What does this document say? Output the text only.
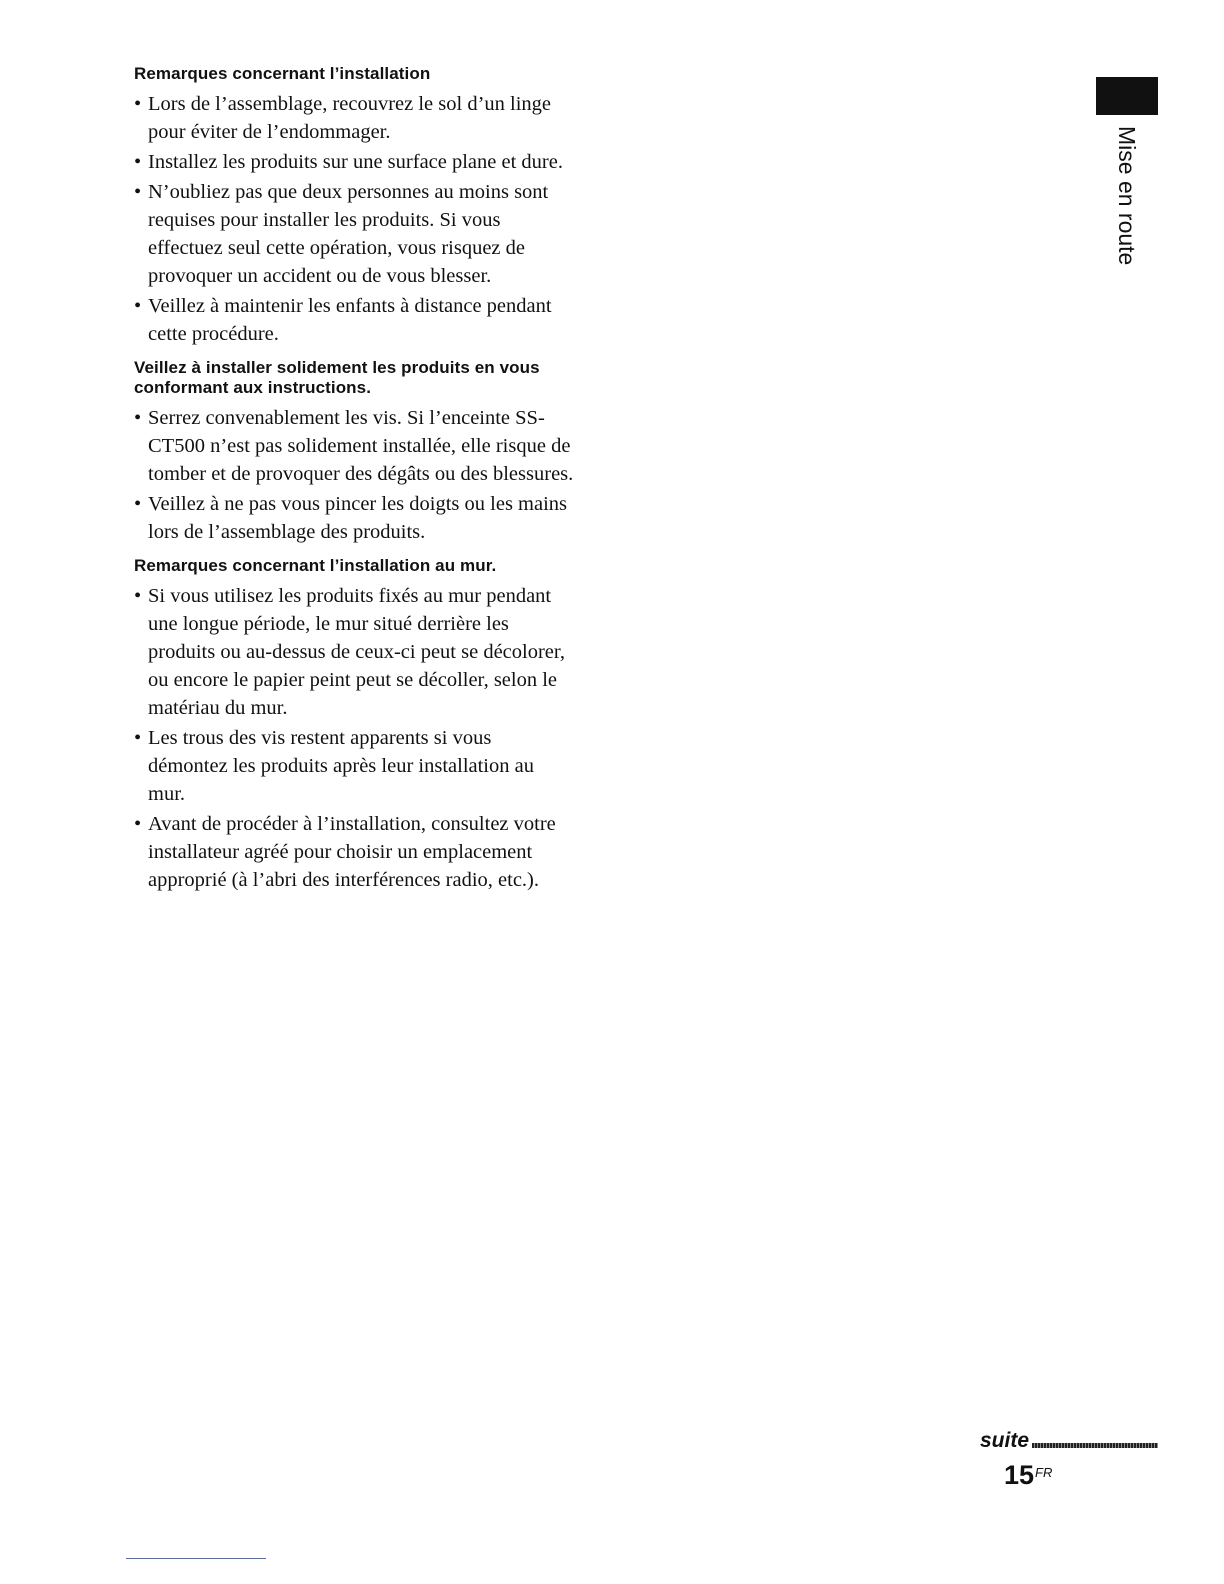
Remarques concernant l’installation
• Lors de l’assemblage, recouvrez le sol d’un linge pour éviter de l’endommager.
• Installez les produits sur une surface plane et dure.
• N’oubliez pas que deux personnes au moins sont requises pour installer les produits. Si vous effectuez seul cette opération, vous risquez de provoquer un accident ou de vous blesser.
• Veillez à maintenir les enfants à distance pendant cette procédure.
Veillez à installer solidement les produits en vous conformant aux instructions.
• Serrez convenablement les vis. Si l’enceinte SS-CT500 n’est pas solidement installée, elle risque de tomber et de provoquer des dégâts ou des blessures.
• Veillez à ne pas vous pincer les doigts ou les mains lors de l’assemblage des produits.
Remarques concernant l’installation au mur.
• Si vous utilisez les produits fixés au mur pendant une longue période, le mur situé derrière les produits ou au-dessus de ceux-ci peut se décolorer, ou encore le papier peint peut se décoller, selon le matériau du mur.
• Les trous des vis restent apparents si vous démontez les produits après leur installation au mur.
• Avant de procéder à l’installation, consultez votre installateur agréé pour choisir un emplacement approprié (à l’abri des interférences radio, etc.).
Mise en route
suite
$15^{FR}$
